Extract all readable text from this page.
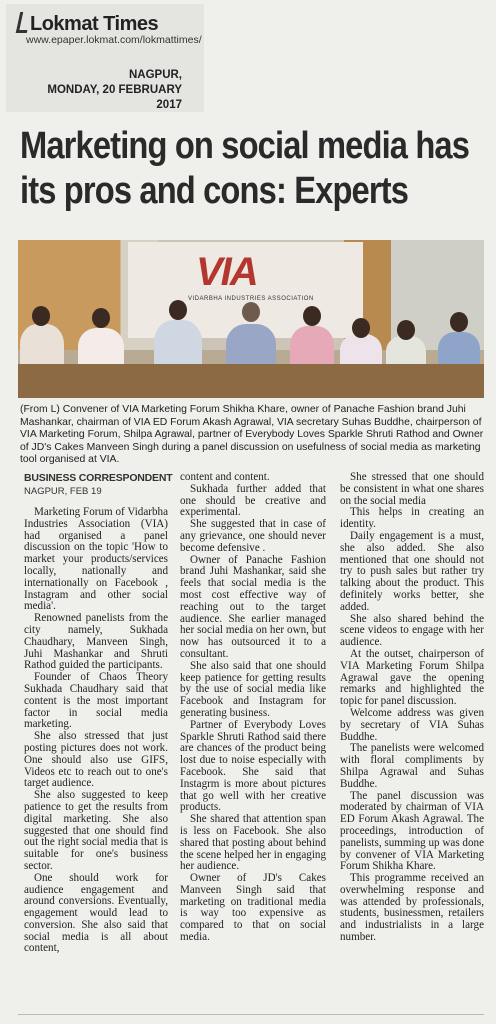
Lokmat Times
www.epaper.lokmat.com/lokmattimes/
NAGPUR,
MONDAY, 20 FEBRUARY 2017
Marketing on social media has
its pros and cons: Experts
VIA
VIDARBHA INDUSTRIES ASSOCIATION
(From L) Convener of VIA Marketing Forum Shikha Khare, owner of Panache Fashion brand Juhi Mashankar, chairman of VIA ED Forum Akash Agrawal, VIA secretary Suhas Buddhe, chairperson of VIA Marketing Forum, Shilpa Agrawal, partner of Everybody Loves Sparkle Shruti Rathod and Owner of JD's Cakes Manveen Singh during a panel discussion on usefulness of social media as marketing tool organised at VIA.
BUSINESS CORRESPONDENT
NAGPUR, FEB 19

Marketing Forum of Vidarbha Industries Association (VIA) had organised a panel discussion on the topic 'How to market your products/services locally, nationally and internationally on Facebook , Instagram and other social media'.

Renowned panelists from the city namely, Sukhada Chaudhary, Manveen Singh, Juhi Mashankar and Shruti Rathod guided the participants.

Founder of Chaos Theory Sukhada Chaudhary said that content is the most important factor in social media marketing.

She also stressed that just posting pictures does not work. One should also use GIFS, Videos etc to reach out to one's target audience.

She also suggested to keep patience to get the results from digital marketing. She also suggested that one should find out the right social media that is suitable for one's business sector.

One should work for audience engagement and around conversions. Eventually, engagement would lead to conversion. She also said that social media is all about content,

content and content.

Sukhada further added that one should be creative and experimental.

She suggested that in case of any grievance, one should never become defensive .

Owner of Panache Fashion brand Juhi Mashankar, said she feels that social media is the most cost effective way of reaching out to the target audience. She earlier managed her social media on her own, but now has outsourced it to a consultant.

She also said that one should keep patience for getting results by the use of social media like Facebook and Instagram for generating business.

Partner of Everybody Loves Sparkle Shruti Rathod said there are chances of the product being lost due to noise especially with Facebook. She said that Instagrm is more about pictures that go well with her creative products.

She shared that attention span is less on Facebook. She also shared that posting about behind the scene helped her in engaging her audience.

Owner of JD's Cakes Manveen Singh said that marketing on traditional media is way too expensive as compared to that on social media.

She stressed that one should be consistent in what one shares on the social media

This helps in creating an identity.

Daily engagement is a must, she also added. She also mentioned that one should not try to push sales but rather try talking about the product. This definitely works better, she added.

She also shared behind the scene videos to engage with her audience.

At the outset, chairperson of VIA Marketing Forum Shilpa Agrawal gave the opening remarks and highlighted the topic for panel discussion.

Welcome address was given by secretary of VIA Suhas Buddhe.

The panelists were welcomed with floral compliments by Shilpa Agrawal and Suhas Buddhe.

The panel discussion was moderated by chairman of VIA ED Forum Akash Agrawal. The proceedings, introduction of panelists, summing up was done by convener of VIA Marketing Forum Shikha Khare.

This programme received an overwhelming response and was attended by professionals, students, businessmen, retailers and industrialists in a large number.
